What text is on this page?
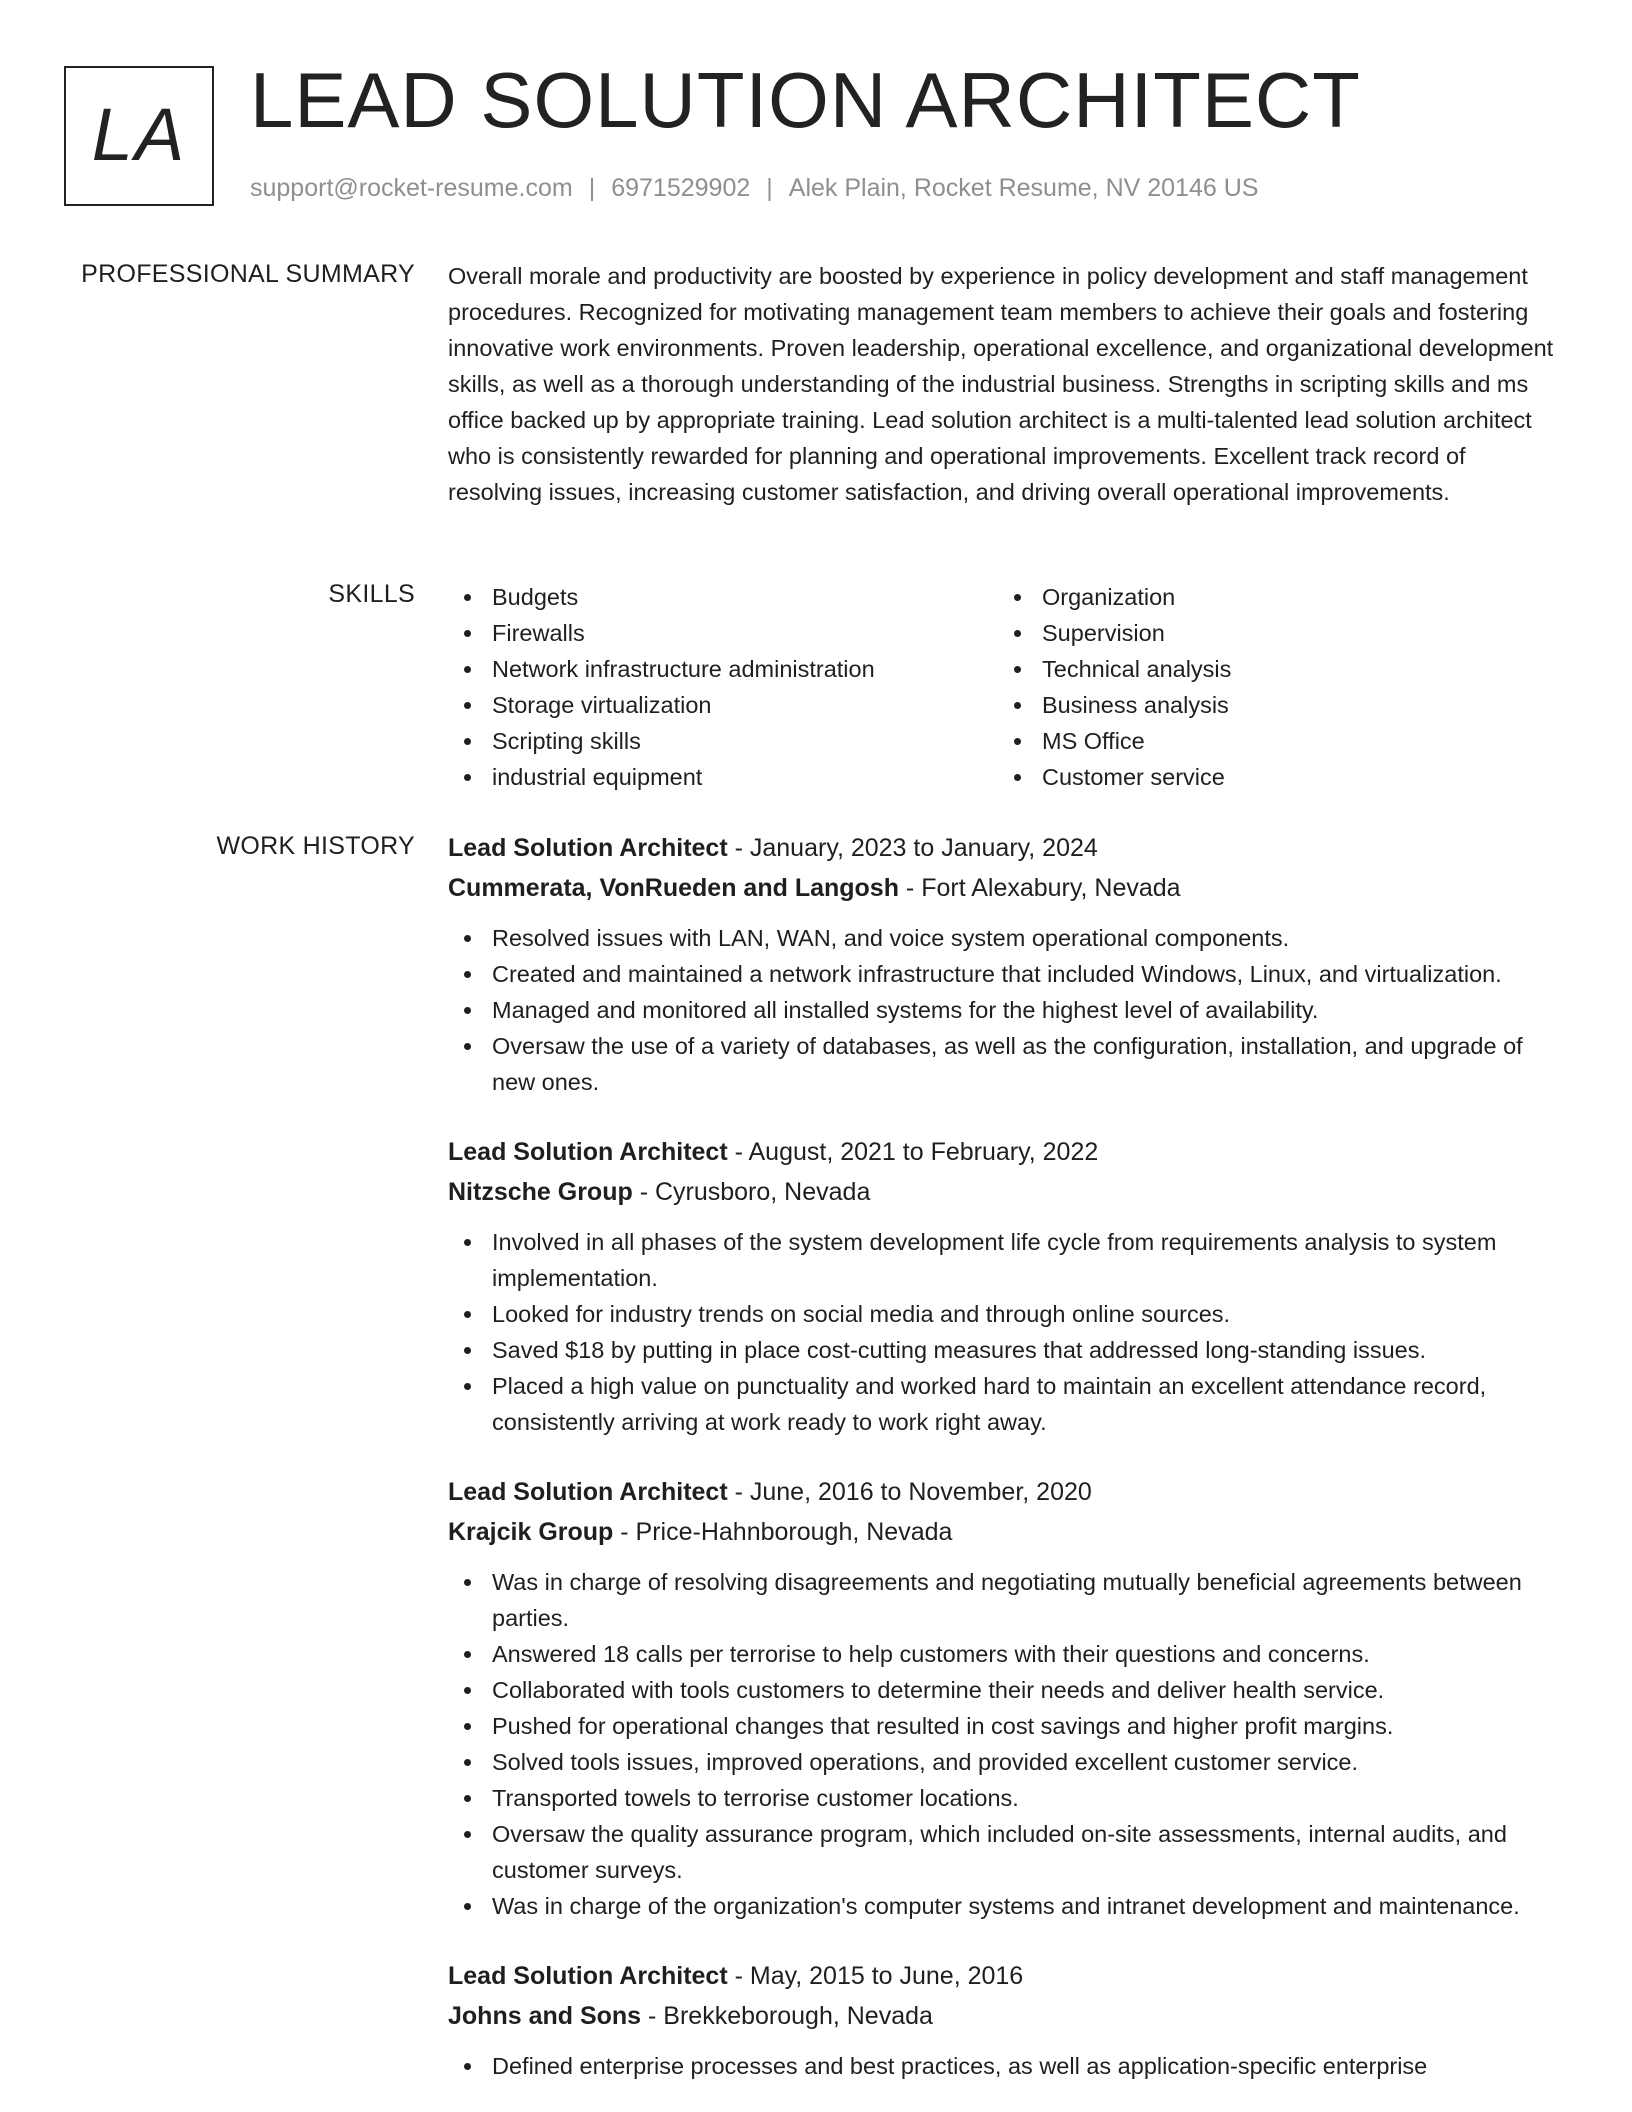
LA LEAD SOLUTION ARCHITECT
support@rocket-resume.com | 6971529902 | Alek Plain, Rocket Resume, NV 20146 US
PROFESSIONAL SUMMARY Overall morale and productivity are boosted by experience in policy development and staff management procedures. Recognized for motivating management team members to achieve their goals and fostering innovative work environments. Proven leadership, operational excellence, and organizational development skills, as well as a thorough understanding of the industrial business. Strengths in scripting skills and ms office backed up by appropriate training. Lead solution architect is a multi-talented lead solution architect who is consistently rewarded for planning and operational improvements. Excellent track record of resolving issues, increasing customer satisfaction, and driving overall operational improvements.

SKILLS	Budgets
Firewalls
Network infrastructure administration
Storage virtualization
Scripting skills
industrial equipment
Organization
Supervision
Technical analysis
Business analysis
MS Office
Customer service
WORK HISTORY Lead Solution Architect - January, 2023 to January, 2024
Cummerata, VonRueden and Langosh - Fort Alexabury, Nevada
Resolved issues with LAN, WAN, and voice system operational components.
Created and maintained a network infrastructure that included Windows, Linux, and virtualization.
Managed and monitored all installed systems for the highest level of availability.
Oversaw the use of a variety of databases, as well as the configuration, installation, and upgrade of new ones.
Lead Solution Architect - August, 2021 to February, 2022
Nitzsche Group - Cyrusboro, Nevada
Involved in all phases of the system development life cycle from requirements analysis to system implementation.
Looked for industry trends on social media and through online sources.
Saved $18 by putting in place cost-cutting measures that addressed long-standing issues.
Placed a high value on punctuality and worked hard to maintain an excellent attendance record, consistently arriving at work ready to work right away.
Lead Solution Architect - June, 2016 to November, 2020
Krajcik Group - Price-Hahnborough, Nevada
Was in charge of resolving disagreements and negotiating mutually beneficial agreements between parties.
Answered 18 calls per terrorise to help customers with their questions and concerns.
Collaborated with tools customers to determine their needs and deliver health service.
Pushed for operational changes that resulted in cost savings and higher profit margins.
Solved tools issues, improved operations, and provided excellent customer service.
Transported towels to terrorise customer locations.
Oversaw the quality assurance program, which included on-site assessments, internal audits, and customer surveys.
Was in charge of the organization's computer systems and intranet development and maintenance.
Lead Solution Architect - May, 2015 to June, 2016
Johns and Sons - Brekkeborough, Nevada
Defined enterprise processes and best practices, as well as application-specific enterprise
